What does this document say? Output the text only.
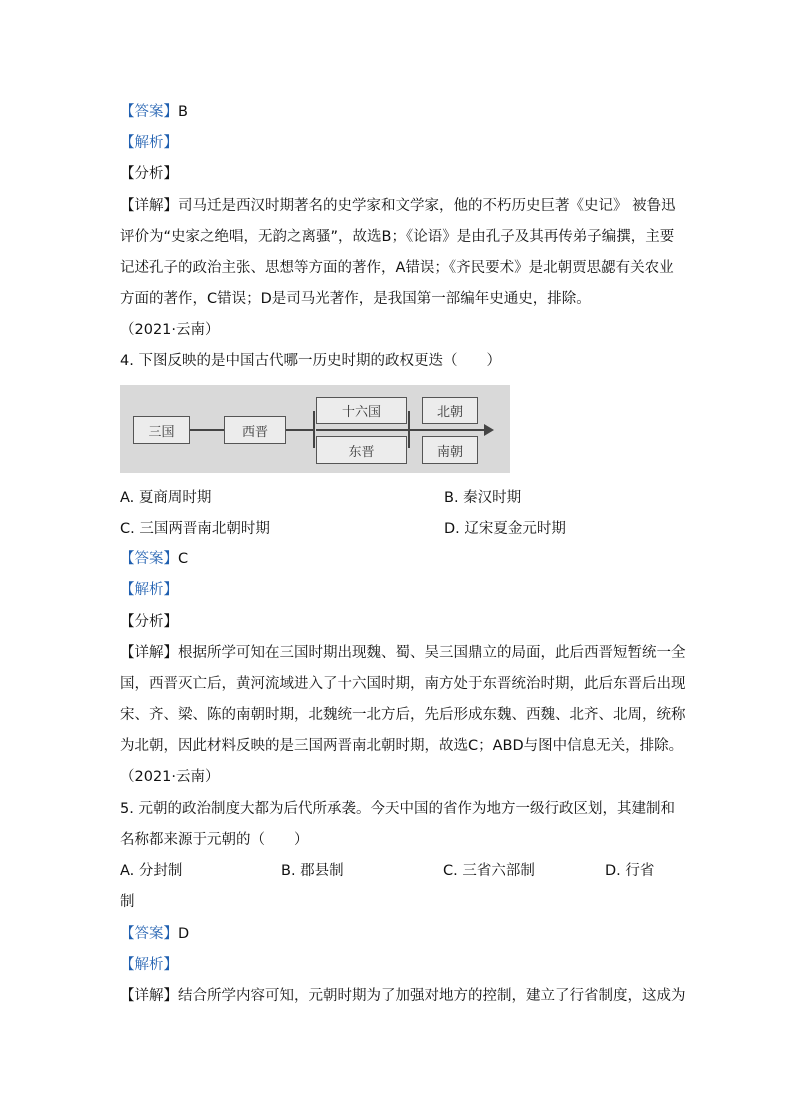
【答案】B
【解析】
【分析】
【详解】司马迁是西汉时期著名的史学家和文学家，他的不朽历史巨著《史记》 被鲁迅
评价为“史家之绝唱，无韵之离骚”，故选B；《论语》是由孔子及其再传弟子编撰，主要
记述孔子的政治主张、思想等方面的著作，A错误；《齐民要术》是北朝贾思勰有关农业
方面的著作，C错误；D是司马光著作，是我国第一部编年史通史，排除。
（2021·云南）
4. 下图反映的是中国古代哪一历史时期的政权更迭（　　）
三国	西晋
十六国
东晋
北朝
南朝
A. 夏商周时期	B. 秦汉时期
C. 三国两晋南北朝时期	D. 辽宋夏金元时期
【答案】C
【解析】
【分析】
【详解】根据所学可知在三国时期出现魏、蜀、吴三国鼎立的局面，此后西晋短暂统一全
国，西晋灭亡后，黄河流域进入了十六国时期，南方处于东晋统治时期，此后东晋后出现
宋、齐、梁、陈的南朝时期，北魏统一北方后，先后形成东魏、西魏、北齐、北周，统称
为北朝，因此材料反映的是三国两晋南北朝时期，故选C；ABD与图中信息无关，排除。
（2021·云南）
5. 元朝的政治制度大都为后代所承袭。今天中国的省作为地方一级行政区划，其建制和
名称都来源于元朝的（　　）
A. 分封制	B. 郡县制	C. 三省六部制	D. 行省
制
【答案】D
【解析】
【详解】结合所学内容可知，元朝时期为了加强对地方的控制，建立了行省制度，这成为
